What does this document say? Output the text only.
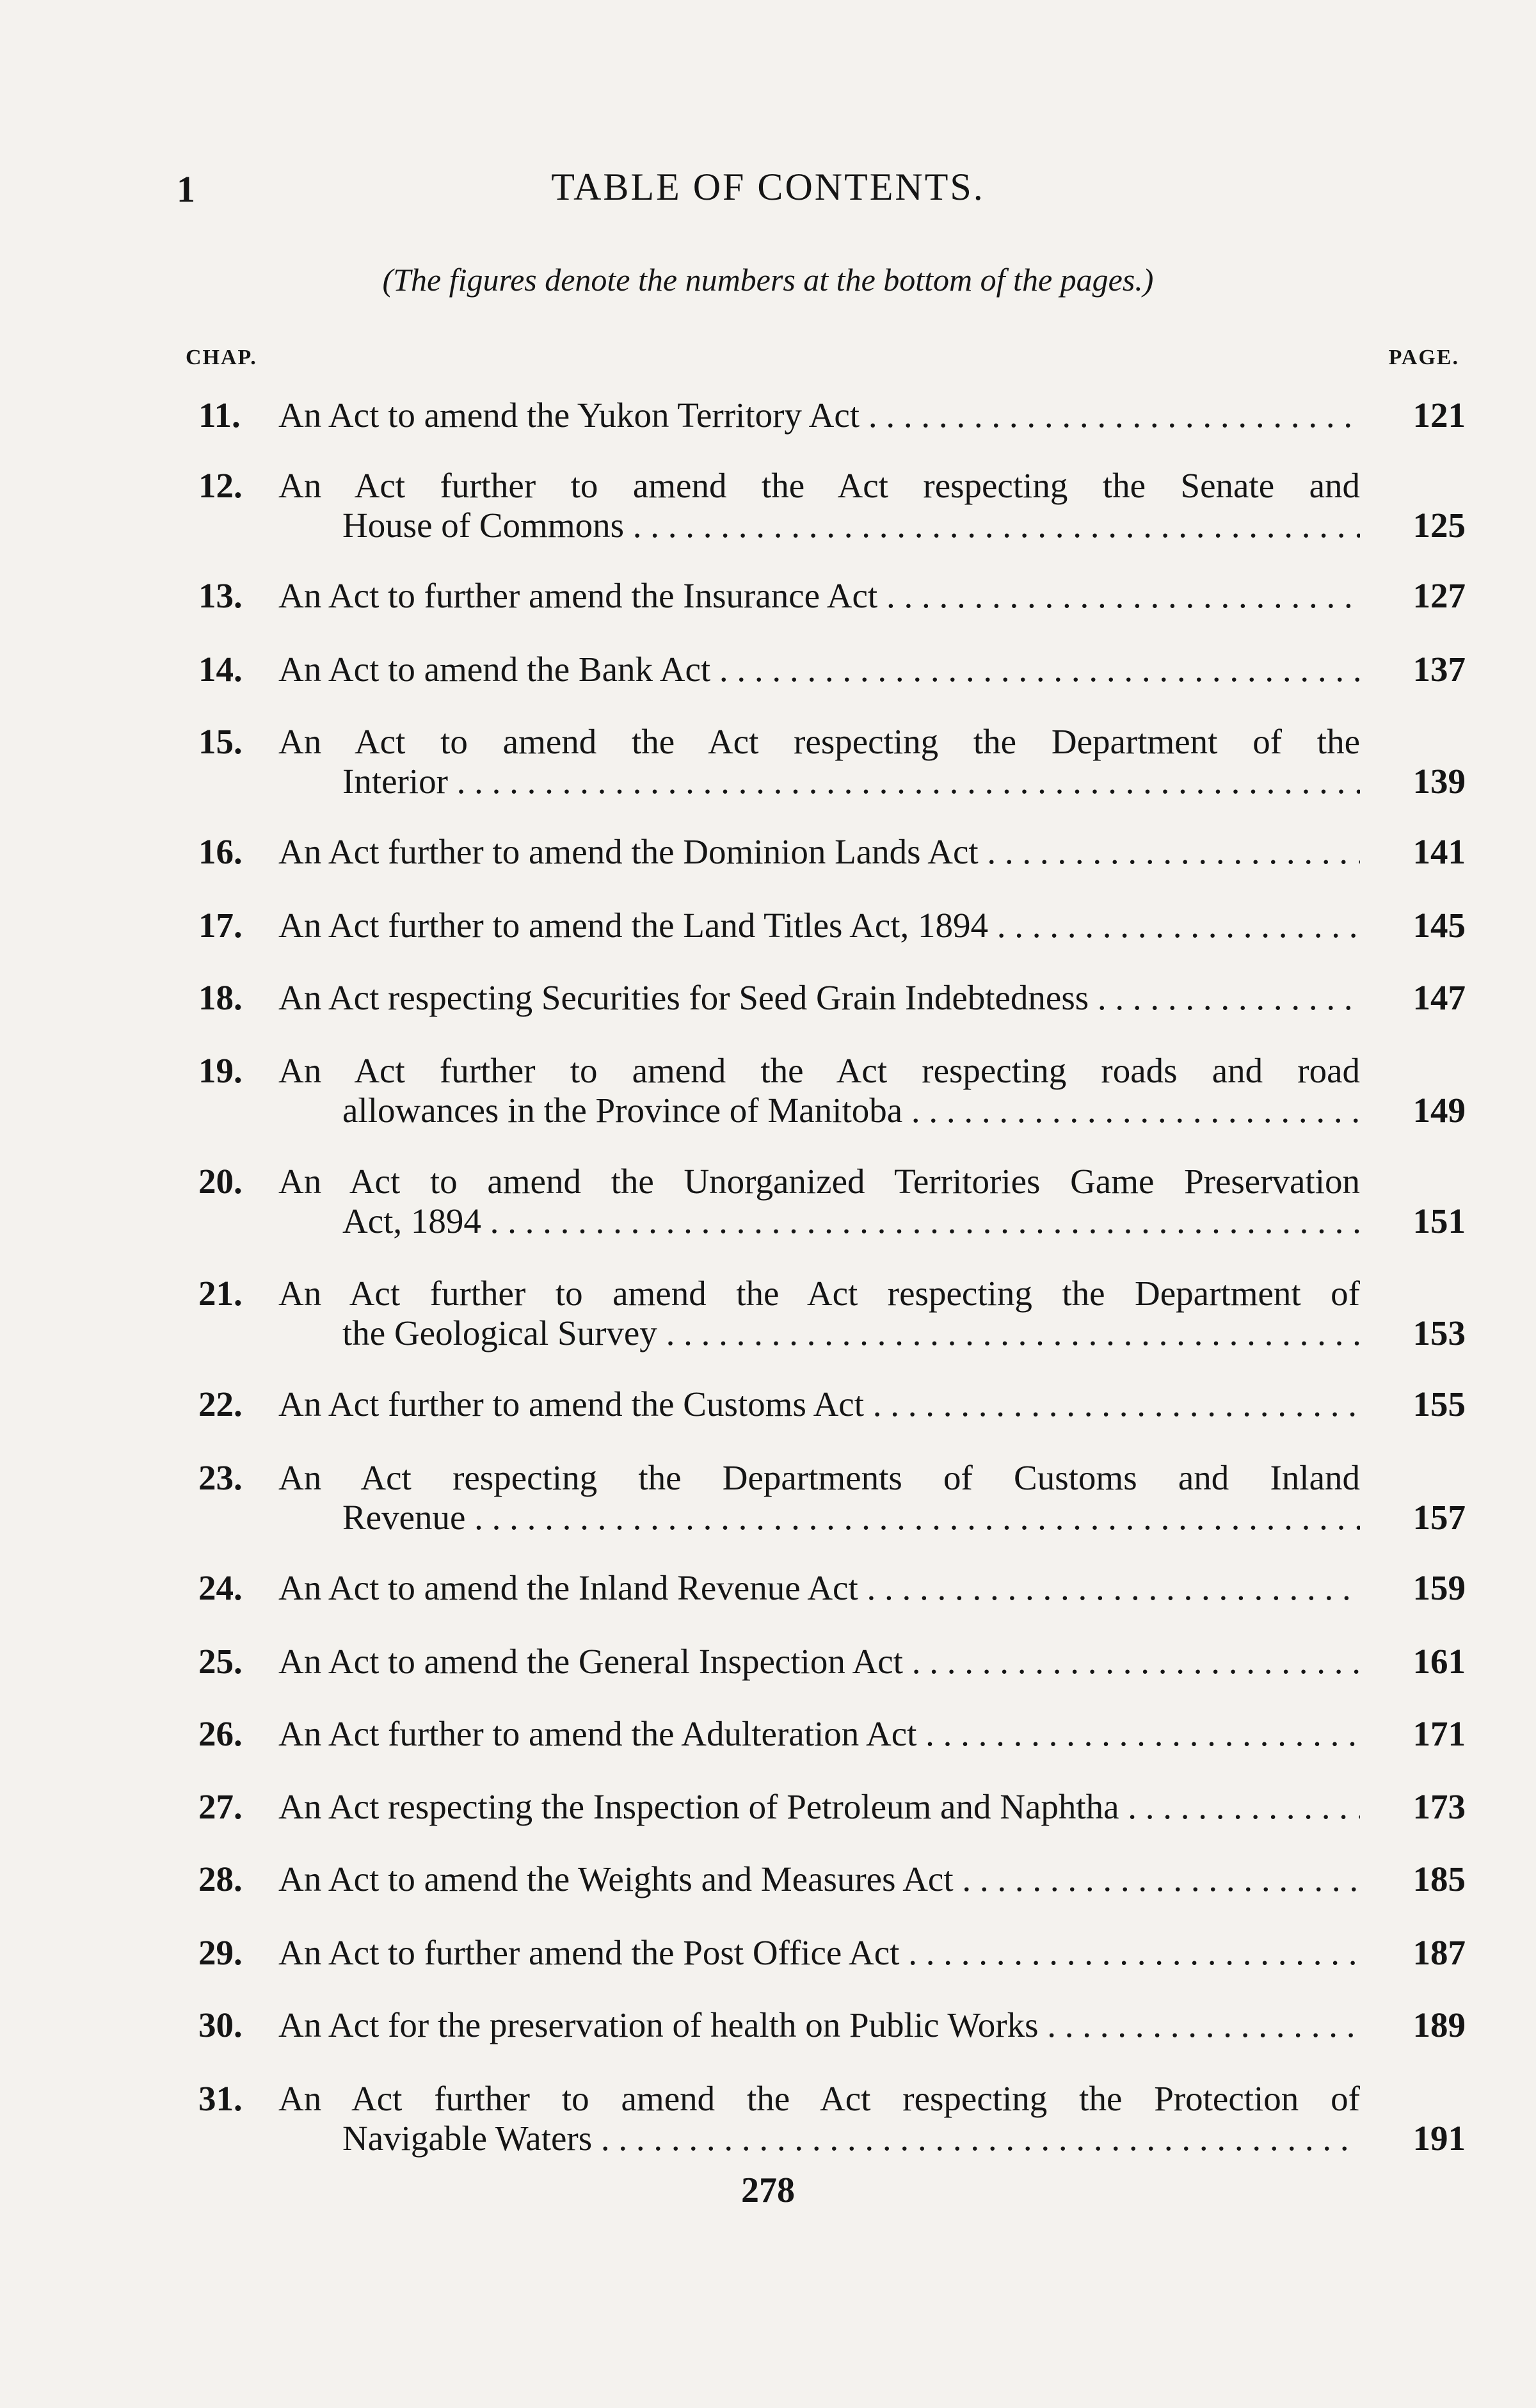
1	TABLE OF CONTENTS.
(The figures denote the numbers at the bottom of the pages.)
CHAP.	PAGE.
11.	An Act to amend the Yukon Territory Act . . .	121
12.	An Act further to amend the Act respecting the Senate and
House of Commons . . .	125
13.	An Act to further amend the Insurance Act . . .	127
14.	An Act to amend the Bank Act . . .	137
15.	An Act to amend the Act respecting the Department of the
Interior . . .	139
16.	An Act further to amend the Dominion Lands Act . . .	141
17.	An Act further to amend the Land Titles Act, 1894 . . .	145
18.	An Act respecting Securities for Seed Grain Indebtedness . . .	147
19.	An Act further to amend the Act respecting roads and road
allowances in the Province of Manitoba . . .	149
20.	An Act to amend the Unorganized Territories Game Preservation
Act, 1894 . . .	151
21.	An Act further to amend the Act respecting the Department of
the Geological Survey . . .	153
22.	An Act further to amend the Customs Act . . .	155
23.	An Act respecting the Departments of Customs and Inland
Revenue . . .	157
24.	An Act to amend the Inland Revenue Act . . .	159
25.	An Act to amend the General Inspection Act . . .	161
26.	An Act further to amend the Adulteration Act . . .	171
27.	An Act respecting the Inspection of Petroleum and Naphtha . . .	173
28.	An Act to amend the Weights and Measures Act . . .	185
29.	An Act to further amend the Post Office Act . . .	187
30.	An Act for the preservation of health on Public Works . . .	189
31.	An Act further to amend the Act respecting the Protection of
Navigable Waters . . .	191
278
